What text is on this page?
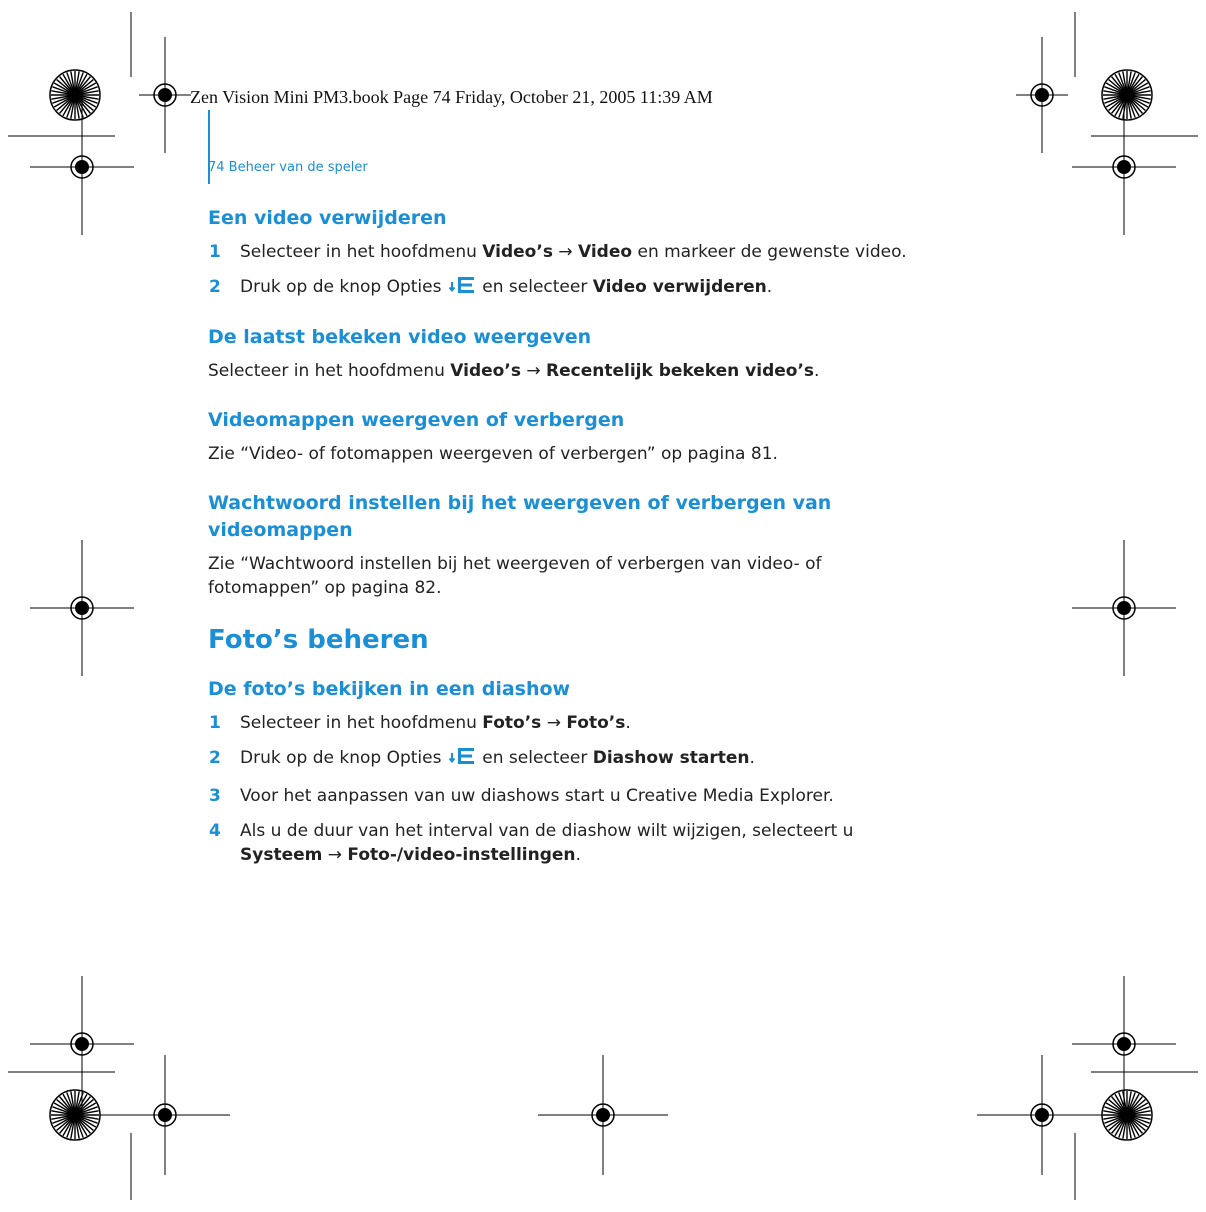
Zen Vision Mini PM3.book Page 74 Friday, October 21, 2005 11:39 AM
74 Beheer van de speler
Een video verwijderen
1 Selecteer in het hoofdmenu Video’s → Video en markeer de gewenste video.
2 Druk op de knop Opties  en selecteer Video verwijderen.
De laatst bekeken video weergeven

Selecteer in het hoofdmenu Video’s → Recentelijk bekeken video’s.

Videomappen weergeven of verbergen

Zie “Video- of fotomappen weergeven of verbergen” op pagina 81.

Wachtwoord instellen bij het weergeven of verbergen van videomappen

Zie “Wachtwoord instellen bij het weergeven of verbergen van video- of fotomappen” op pagina 82.

Foto’s beheren
De foto’s bekijken in een diashow
1 Selecteer in het hoofdmenu Foto’s → Foto’s.
2 Druk op de knop Opties  en selecteer Diashow starten.
3 Voor het aanpassen van uw diashows start u Creative Media Explorer.
4 Als u de duur van het interval van de diashow wilt wijzigen, selecteert u Systeem → Foto-/video-instellingen.
